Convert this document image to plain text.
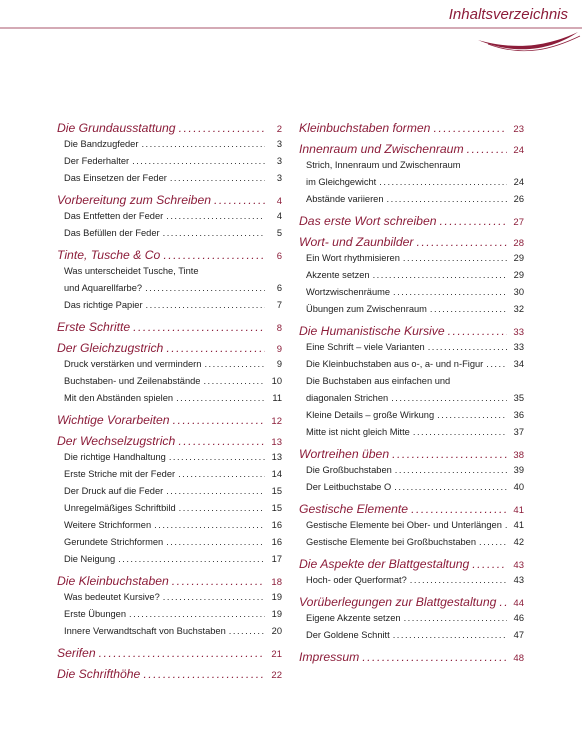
Inhaltsverzeichnis
Die Grundausstattung .....	2
Die Bandzugfeder .....	3
Der Federhalter .....	3
Das Einsetzen der Feder .....	3
Vorbereitung zum Schreiben .....	4
Das Entfetten der Feder .....	4
Das Befüllen der Feder .....	5
Tinte, Tusche & Co .....	6
Was unterscheidet Tusche, Tinte
und Aquarellfarbe? .....	6
Das richtige Papier .....	7
Erste Schritte .....	8
Der Gleichzugstrich .....	9
Druck verstärken und vermindern .....	9
Buchstaben- und Zeilenabstände .....	10
Mit den Abständen spielen .....	11
Wichtige Vorarbeiten .....	12
Der Wechselzugstrich .....	13
Die richtige Handhaltung .....	13
Erste Striche mit der Feder .....	14
Der Druck auf die Feder .....	15
Unregelmäßiges Schriftbild .....	15
Weitere Strichformen .....	16
Gerundete Strichformen .....	16
Die Neigung .....	17
Die Kleinbuchstaben .....	18
Was bedeutet Kursive? .....	19
Erste Übungen .....	19
Innere Verwandtschaft von Buchstaben .....	20
Serifen .....	21
Die Schrifthöhe .....	22
Kleinbuchstaben formen .....	23
Innenraum und Zwischenraum .....	24
Strich, Innenraum und Zwischenraum
im Gleichgewicht .....	24
Abstände variieren .....	26
Das erste Wort schreiben .....	27
Wort- und Zaunbilder .....	28
Ein Wort rhythmisieren .....	29
Akzente setzen .....	29
Wortzwischenräume .....	30
Übungen zum Zwischenraum .....	32
Die Humanistische Kursive .....	33
Eine Schrift – viele Varianten .....	33
Die Kleinbuchstaben aus o-, a- und n-Figur .....	34
Die Buchstaben aus einfachen und
diagonalen Strichen .....	35
Kleine Details – große Wirkung .....	36
Mitte ist nicht gleich Mitte .....	37
Wortreihen üben .....	38
Die Großbuchstaben .....	39
Der Leitbuchstabe O .....	40
Gestische Elemente .....	41
Gestische Elemente bei Ober- und Unterlängen .....	41
Gestische Elemente bei Großbuchstaben .....	42
Die Aspekte der Blattgestaltung .....	43
Hoch- oder Querformat? .....	43
Vorüberlegungen zur Blattgestaltung .....	44
Eigene Akzente setzen .....	46
Der Goldene Schnitt .....	47
Impressum .....	48
